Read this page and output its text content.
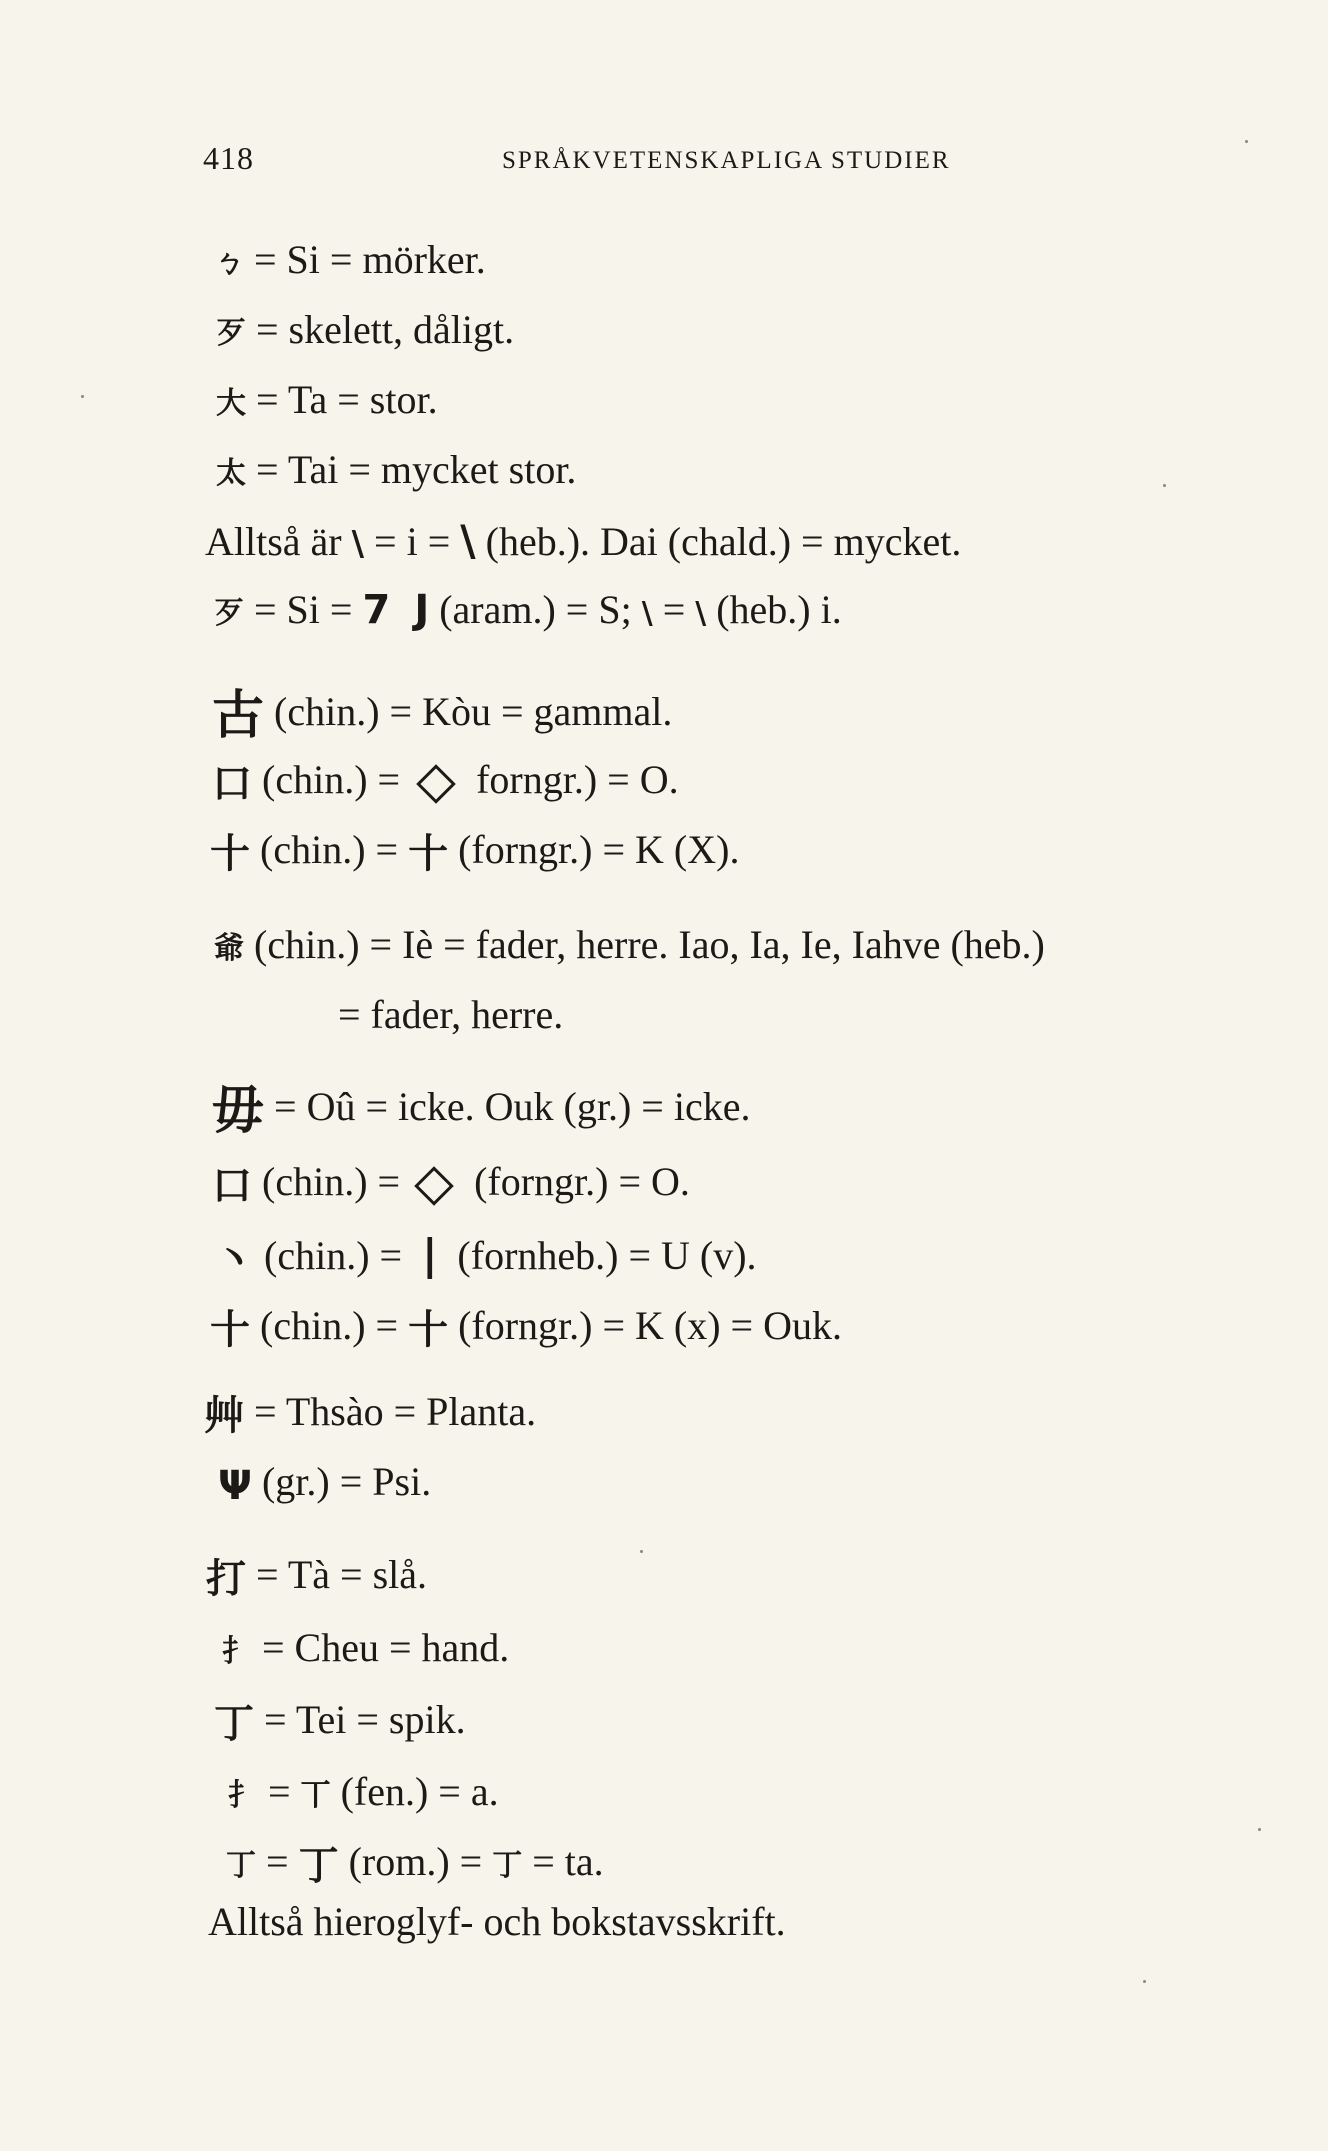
418	SPRÅKVETENSKAPLIGA STUDIER
ㄅ = Si = mörker.
歹 = skelett, dåligt.
大 = Ta = stor.
太 = Tai = mycket stor.
Alltså är \ = i = \ (heb.). Dai (chald.) = mycket.
歹 = Si = 7 J (aram.) = S; \ = \ (heb.) i.
古 (chin.) = Kòu = gammal.
口 (chin.) = forngr.) = O.
十 (chin.) = 十 (forngr.) = K (X).
爺 (chin.) = Iè = fader, herre. Iao, Ia, Ie, Iahve (heb.)
= fader, herre.
毋 = Oû = icke. Ouk (gr.) = icke.
口 (chin.) = (forngr.) = O.
丶 (chin.) = | (fornheb.) = U (v).
十 (chin.) = 十 (forngr.) = K (x) = Ouk.
艸 = Thsào = Planta.
Ψ (gr.) = Psi.
打 = Tà = slå.
扌 = Cheu = hand.
丁 = Tei = spik.
扌 = 丅 (fen.) = a.
丁 = 丁 (rom.) = 丁 = ta.
Alltså hieroglyf- och bokstavsskrift.
